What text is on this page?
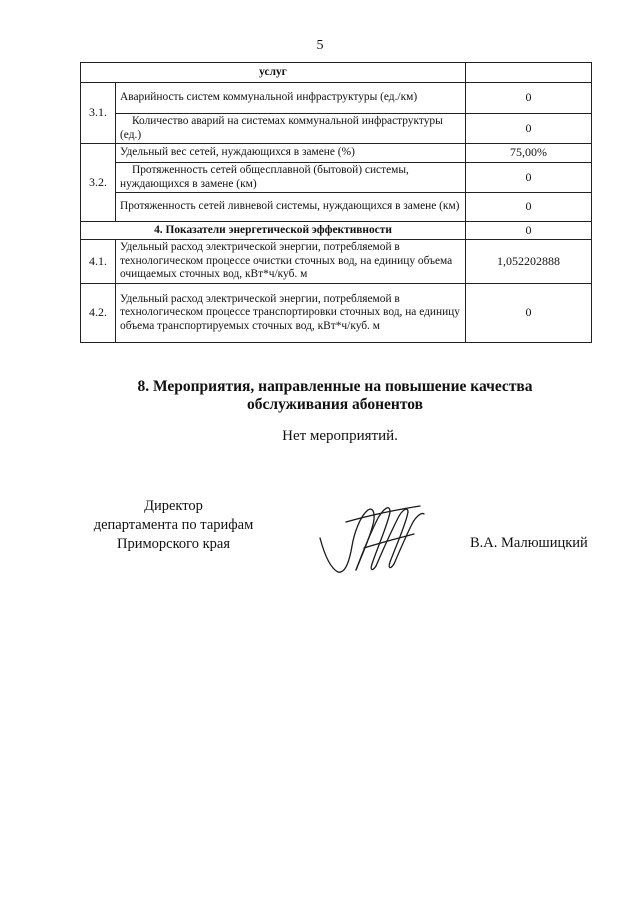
5
услуг		
3.1.	Аварийность систем коммунальной инфраструктуры (ед./км)	0
	Количество аварий на системах коммунальной инфраструктуры (ед.)	0
3.2.	Удельный вес сетей, нуждающихся в замене (%)	75,00%
	Протяженность сетей общесплавной (бытовой) системы, нуждающихся в замене (км)	0
	Протяженность сетей ливневой системы, нуждающихся в замене (км)	0
4. Показатели энергетической эффективности		0
4.1.	Удельный расход электрической энергии, потребляемой в технологическом процессе очистки сточных вод, на единицу объема очищаемых сточных вод, кВт*ч/куб. м	1,052202888
4.2.	Удельный расход электрической энергии, потребляемой в технологическом процессе транспортировки сточных вод, на единицу объема транспортируемых сточных вод, кВт*ч/куб. м	0
8. Мероприятия, направленные на повышение качества
обслуживания абонентов
Нет мероприятий.
Директор
департамента по тарифам
Приморского края	В.А. Малюшицкий
